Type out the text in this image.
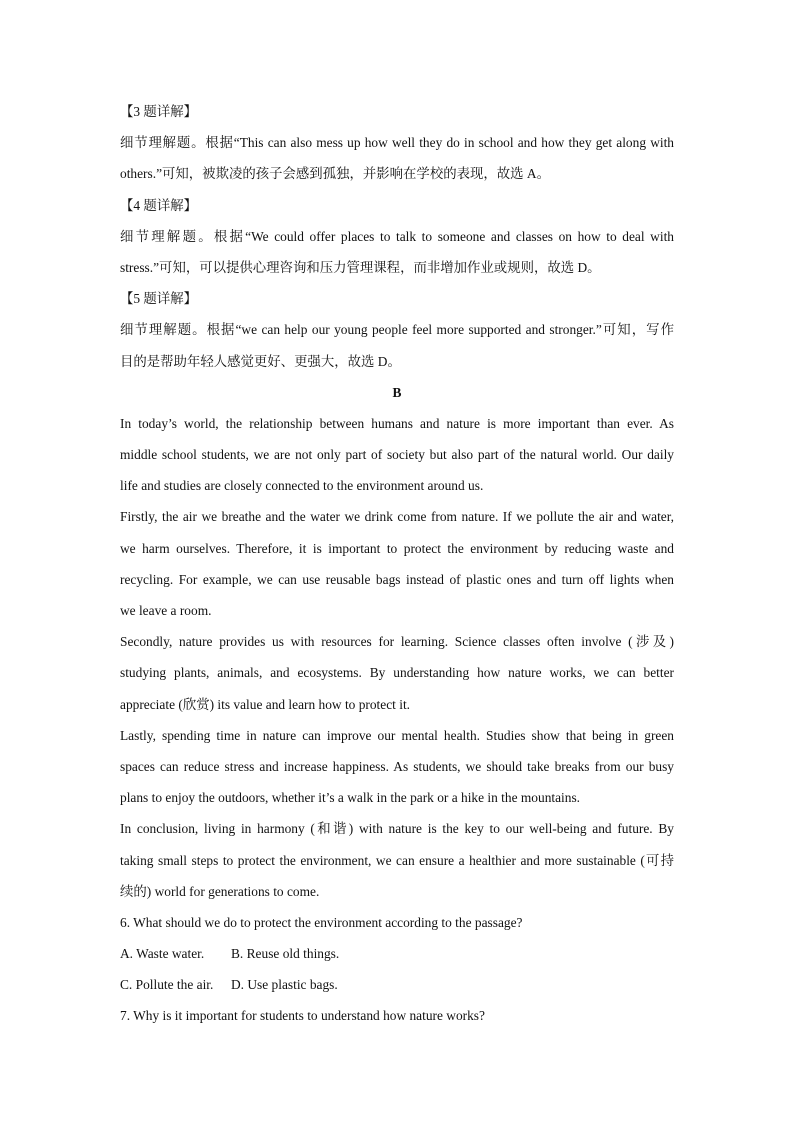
【3 题详解】
细节理解题。根据“This can also mess up how well they do in school and how they get along with
others.”可知，被欺凌的孩子会感到孤独，并影响在学校的表现，故选 A。
【4 题详解】
细节理解题。根据“We could offer places to talk to someone and classes on how to deal with
stress.”可知，可以提供心理咨询和压力管理课程，而非增加作业或规则，故选 D。
【5 题详解】
细节理解题。根据“we can help our young people feel more supported and stronger.”可知，写作
目的是帮助年轻人感觉更好、更强大，故选 D。
B
In today’s world, the relationship between humans and nature is more important than ever. As
middle school students, we are not only part of society but also part of the natural world. Our daily
life and studies are closely connected to the environment around us.
Firstly, the air we breathe and the water we drink come from nature. If we pollute the air and water,
we harm ourselves. Therefore, it is important to protect the environment by reducing waste and
recycling. For example, we can use reusable bags instead of plastic ones and turn off lights when
we leave a room.
Secondly, nature provides us with resources for learning. Science classes often involve (涉及)
studying plants, animals, and ecosystems. By understanding how nature works, we can better
appreciate (欣赏) its value and learn how to protect it.
Lastly, spending time in nature can improve our mental health. Studies show that being in green
spaces can reduce stress and increase happiness. As students, we should take breaks from our busy
plans to enjoy the outdoors, whether it’s a walk in the park or a hike in the mountains.
In conclusion, living in harmony (和谐) with nature is the key to our well-being and future. By
taking small steps to protect the environment, we can ensure a healthier and more sustainable (可持
续的) world for generations to come.
6. What should we do to protect the environment according to the passage?
A. Waste water. B. Reuse old things.
C. Pollute the air. D. Use plastic bags.
7. Why is it important for students to understand how nature works?
